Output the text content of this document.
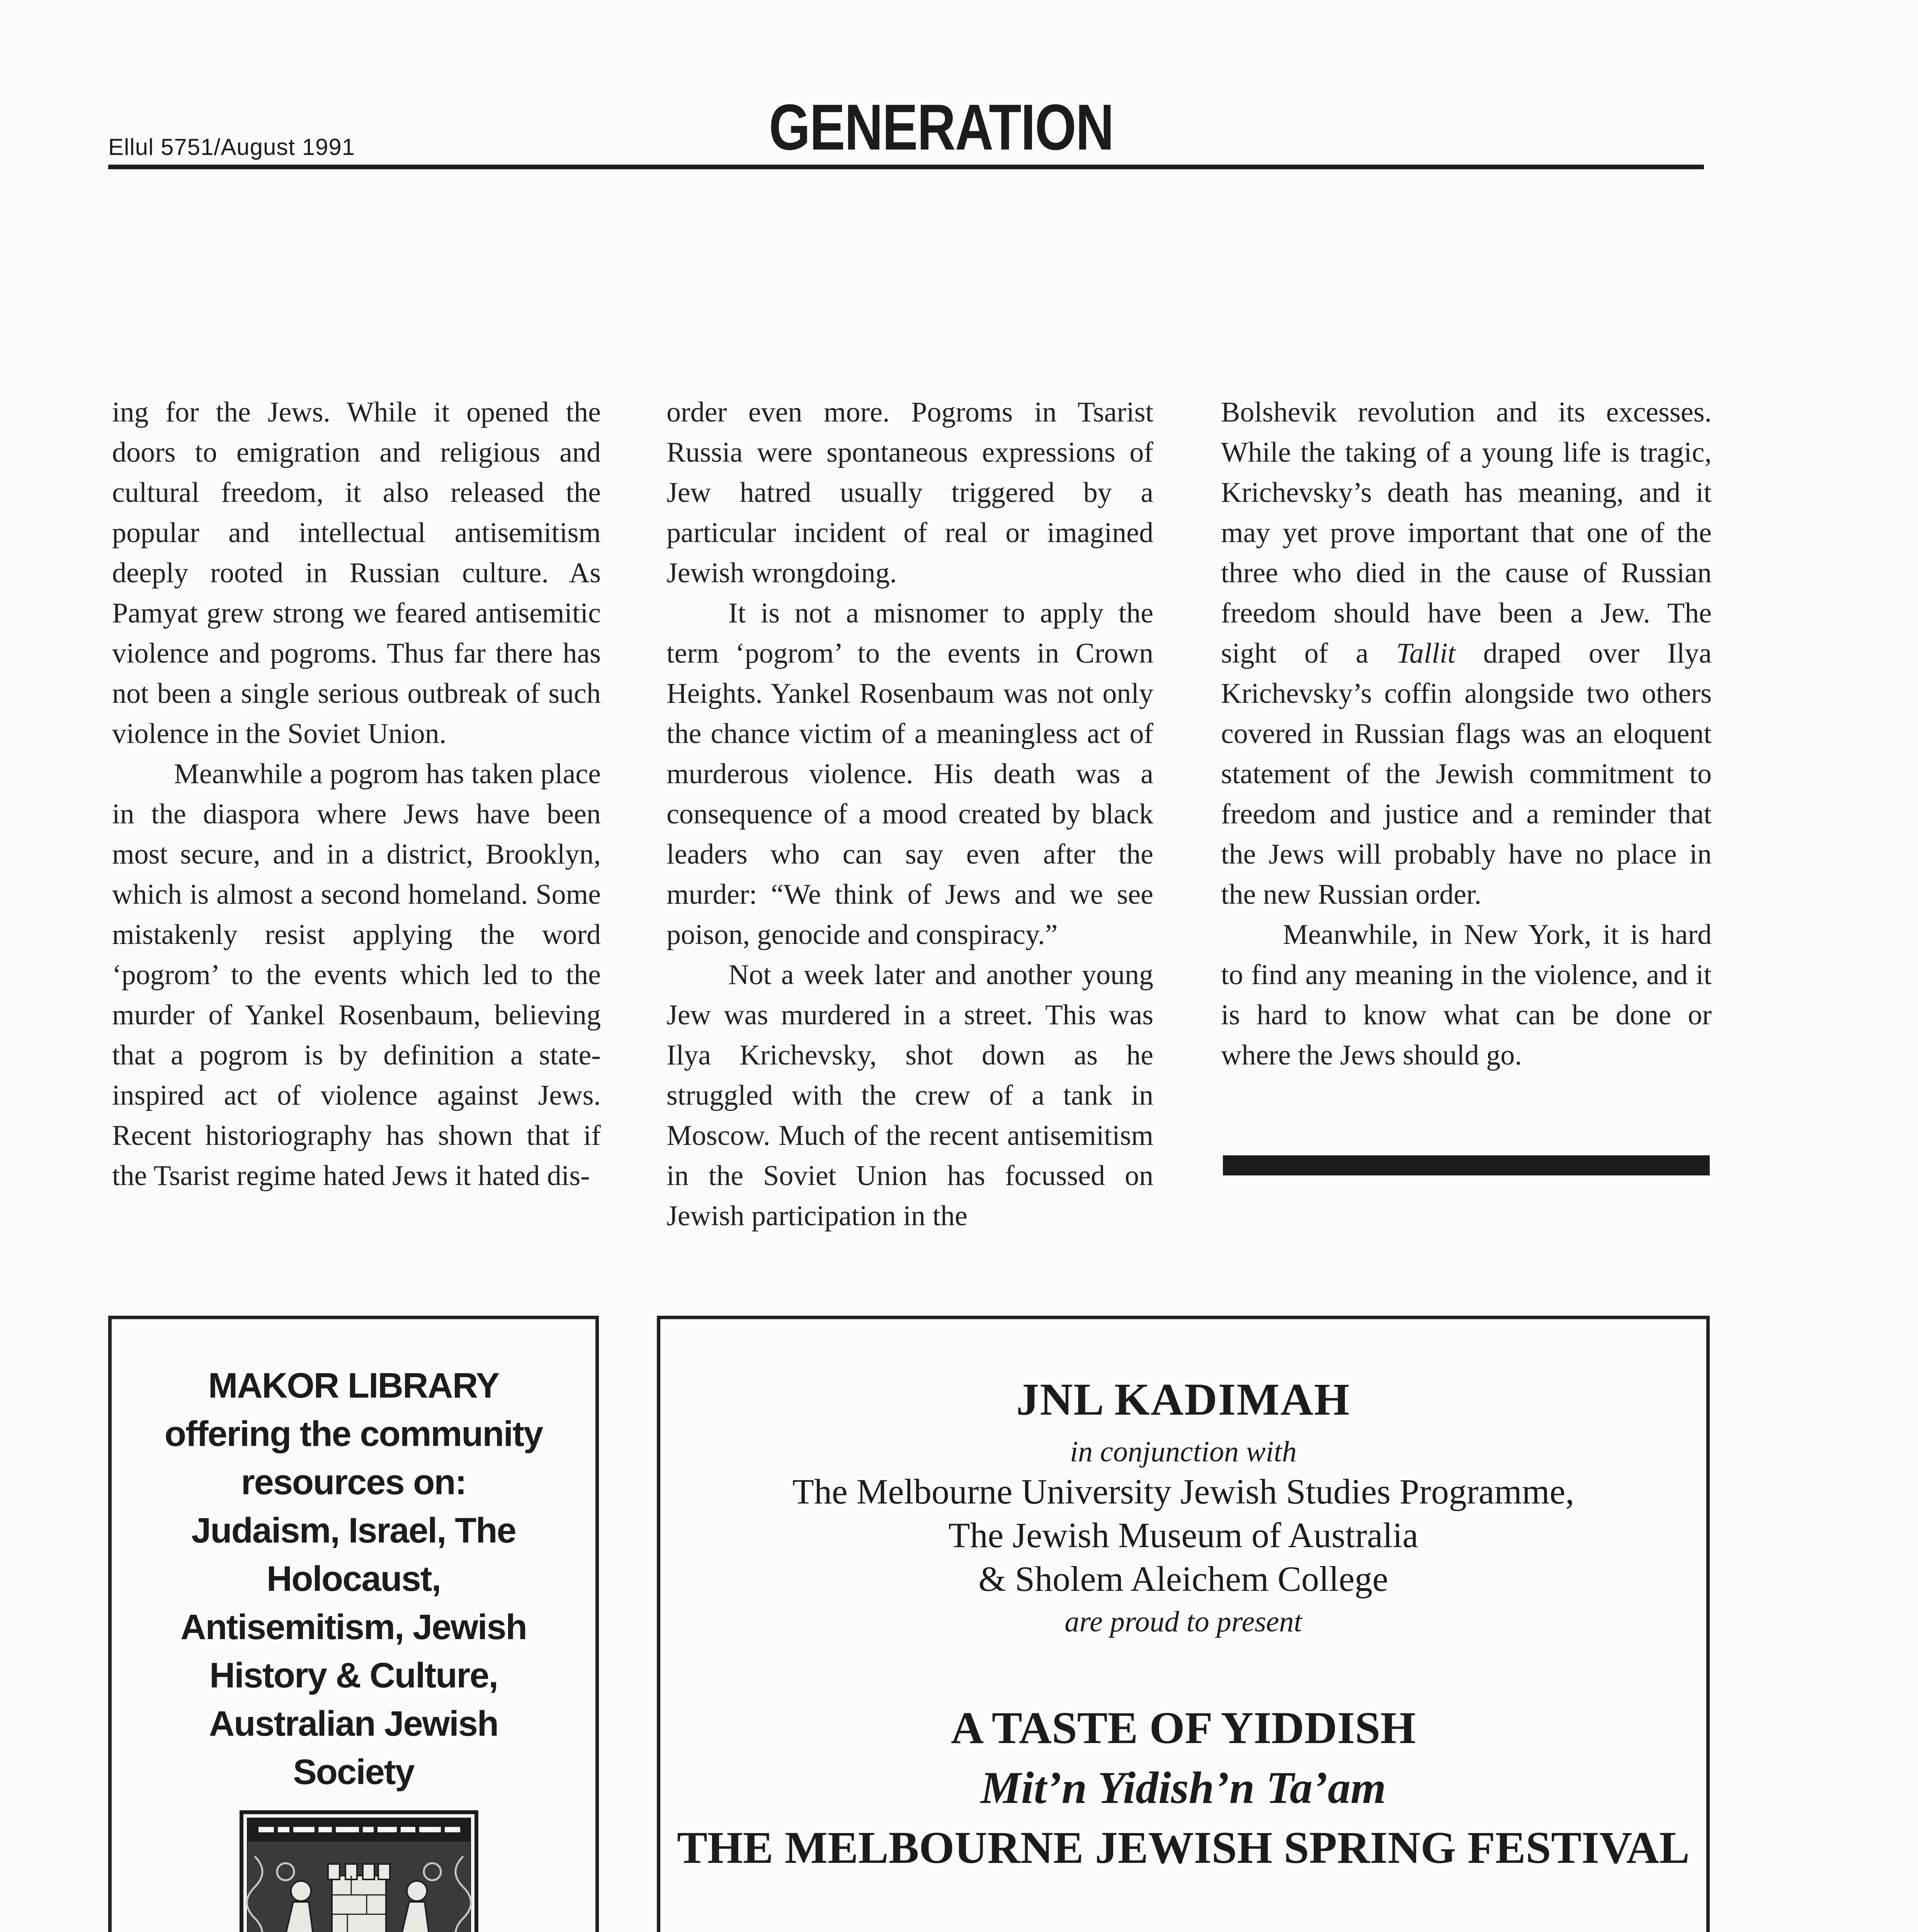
Ellul 5751/August 1991	GENERATION

ing for the Jews. While it opened the doors to emigration and religious and cultural freedom, it also released the popular and intellectual antisemitism deeply rooted in Russian culture. As Pamyat grew strong we feared antisemitic violence and pogroms. Thus far there has not been a single serious outbreak of such violence in the Soviet Union.

Meanwhile a pogrom has taken place in the diaspora where Jews have been most secure, and in a district, Brooklyn, which is almost a second homeland. Some mistakenly resist applying the word ‘pogrom’ to the events which led to the murder of Yankel Rosenbaum, believing that a pogrom is by definition a state-inspired act of violence against Jews. Recent historiography has shown that if the Tsarist regime hated Jews it hated dis-

order even more. Pogroms in Tsarist Russia were spontaneous expressions of Jew hatred usually triggered by a particular incident of real or imagined Jewish wrongdoing.

It is not a misnomer to apply the term ‘pogrom’ to the events in Crown Heights. Yankel Rosenbaum was not only the chance victim of a meaningless act of murderous violence. His death was a consequence of a mood created by black leaders who can say even after the murder: “We think of Jews and we see poison, genocide and conspiracy.”

Not a week later and another young Jew was murdered in a street. This was Ilya Krichevsky, shot down as he struggled with the crew of a tank in Moscow. Much of the recent antisemitism in the Soviet Union has focussed on Jewish participation in the

Bolshevik revolution and its excesses. While the taking of a young life is tragic, Krichevsky’s death has meaning, and it may yet prove important that one of the three who died in the cause of Russian freedom should have been a Jew. The sight of a Tallit draped over Ilya Krichevsky’s coffin alongside two others covered in Russian flags was an eloquent statement of the Jewish commitment to freedom and justice and a reminder that the Jews will probably have no place in the new Russian order.

Meanwhile, in New York, it is hard to find any meaning in the violence, and it is hard to know what can be done or where the Jews should go.

MAKOR LIBRARY
offering the community
resources on:
Judaism, Israel, The
Holocaust,
Antisemitism, Jewish
History & Culture,
Australian Jewish
Society
JNL KADIMAH
in conjunction with
The Melbourne University Jewish Studies Programme,
The Jewish Museum of Australia
& Sholem Aleichem College
are proud to present
A TASTE OF YIDDISH
Mit’n Yidish’n Ta’am
THE MELBOURNE JEWISH SPRING FESTIVAL
